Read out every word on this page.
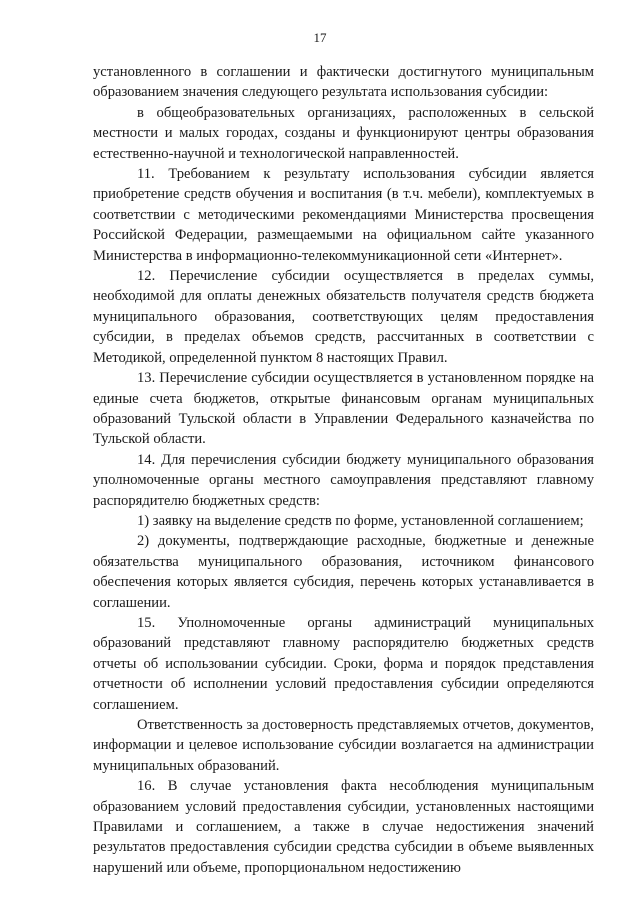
17

установленного в соглашении и фактически достигнутого муниципальным образованием значения следующего результата использования субсидии:

в общеобразовательных организациях, расположенных в сельской местности и малых городах, созданы и функционируют центры образования естественно-научной и технологической направленностей.

11. Требованием к результату использования субсидии является приобретение средств обучения и воспитания (в т.ч. мебели), комплектуемых в соответствии с методическими рекомендациями Министерства просвещения Российской Федерации, размещаемыми на официальном сайте указанного Министерства в информационно-телекоммуникационной сети «Интернет».

12. Перечисление субсидии осуществляется в пределах суммы, необходимой для оплаты денежных обязательств получателя средств бюджета муниципального образования, соответствующих целям предоставления субсидии, в пределах объемов средств, рассчитанных в соответствии с Методикой, определенной пунктом 8 настоящих Правил.

13. Перечисление субсидии осуществляется в установленном порядке на единые счета бюджетов, открытые финансовым органам муниципальных образований Тульской области в Управлении Федерального казначейства по Тульской области.

14. Для перечисления субсидии бюджету муниципального образования уполномоченные органы местного самоуправления представляют главному распорядителю бюджетных средств:

1) заявку на выделение средств по форме, установленной соглашением;

2) документы, подтверждающие расходные, бюджетные и денежные обязательства муниципального образования, источником финансового обеспечения которых является субсидия, перечень которых устанавливается в соглашении.

15. Уполномоченные органы администраций муниципальных образований представляют главному распорядителю бюджетных средств отчеты об использовании субсидии. Сроки, форма и порядок представления отчетности об исполнении условий предоставления субсидии определяются соглашением.

Ответственность за достоверность представляемых отчетов, документов, информации и целевое использование субсидии возлагается на администрации муниципальных образований.

16. В случае установления факта несоблюдения муниципальным образованием условий предоставления субсидии, установленных настоящими Правилами и соглашением, а также в случае недостижения значений результатов предоставления субсидии средства субсидии в объеме выявленных нарушений или объеме, пропорциональном недостижению
